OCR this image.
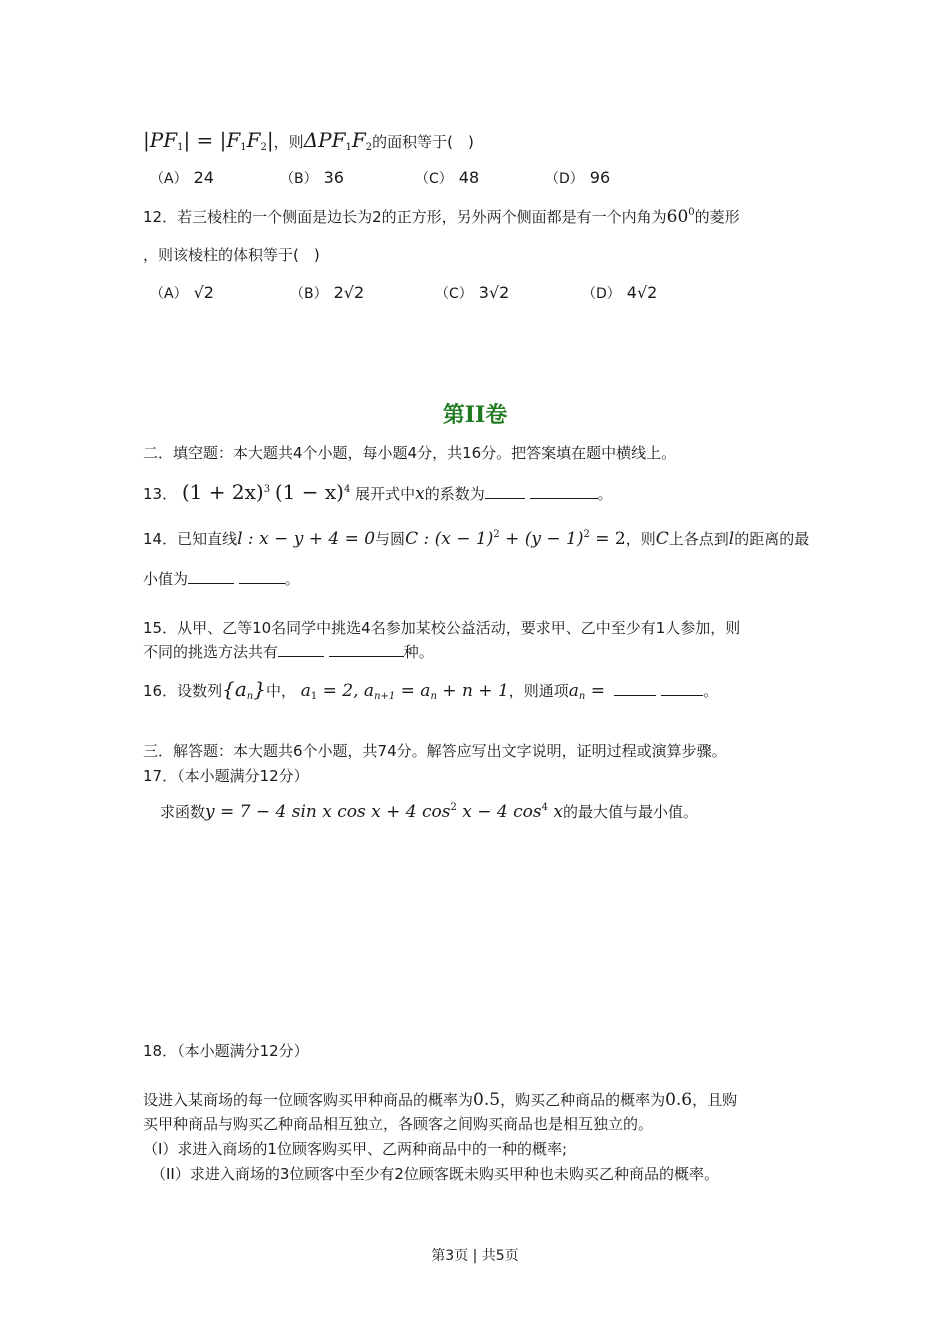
$|PF_1| = |F_1F_2|$，则$\Delta PF_1F_2$的面积等于(　)
（A） 24	（B） 36	（C） 48	（D） 96
12．若三棱柱的一个侧面是边长为2的正方形，另外两个侧面都是有一个内角为$60^0$的菱形
，则该棱柱的体积等于(　)
（A） √2	（B） 2√2	（C） 3√2	（D） 4√2
第II卷
二．填空题：本大题共4个小题，每小题4分，共16分。把答案填在题中横线上。
13． $(1 + 2x)^3$ $(1 - x)^4$ 展开式中x的系数为	。
14．已知直线l : x − y + 4 = 0与圆C : $(x - 1)^2 + (y - 1)^2 = 2$，则C上各点到l的距离的最
小值为	。
15．从甲、乙等10名同学中挑选4名参加某校公益活动，要求甲、乙中至少有1人参加，则
不同的挑选方法共有	种。
16．设数列$\{a_n\}$中， $a_1 = 2$, $a_{n+1} = a_n + n + 1$，则通项$a_n$ =	。
三．解答题：本大题共6个小题，共74分。解答应写出文字说明，证明过程或演算步骤。
17．（本小题满分12分）
求函数y = 7 − 4 sin x cos x + 4 $\cos^2 x - 4$ $\cos^4 x$的最大值与最小值。
18．（本小题满分12分）
设进入某商场的每一位顾客购买甲种商品的概率为0.5，购买乙种商品的概率为0.6，且购
买甲种商品与购买乙种商品相互独立，各顾客之间购买商品也是相互独立的。
（I）求进入商场的1位顾客购买甲、乙两种商品中的一种的概率;
（II）求进入商场的3位顾客中至少有2位顾客既未购买甲种也未购买乙种商品的概率。
第3页 | 共5页
